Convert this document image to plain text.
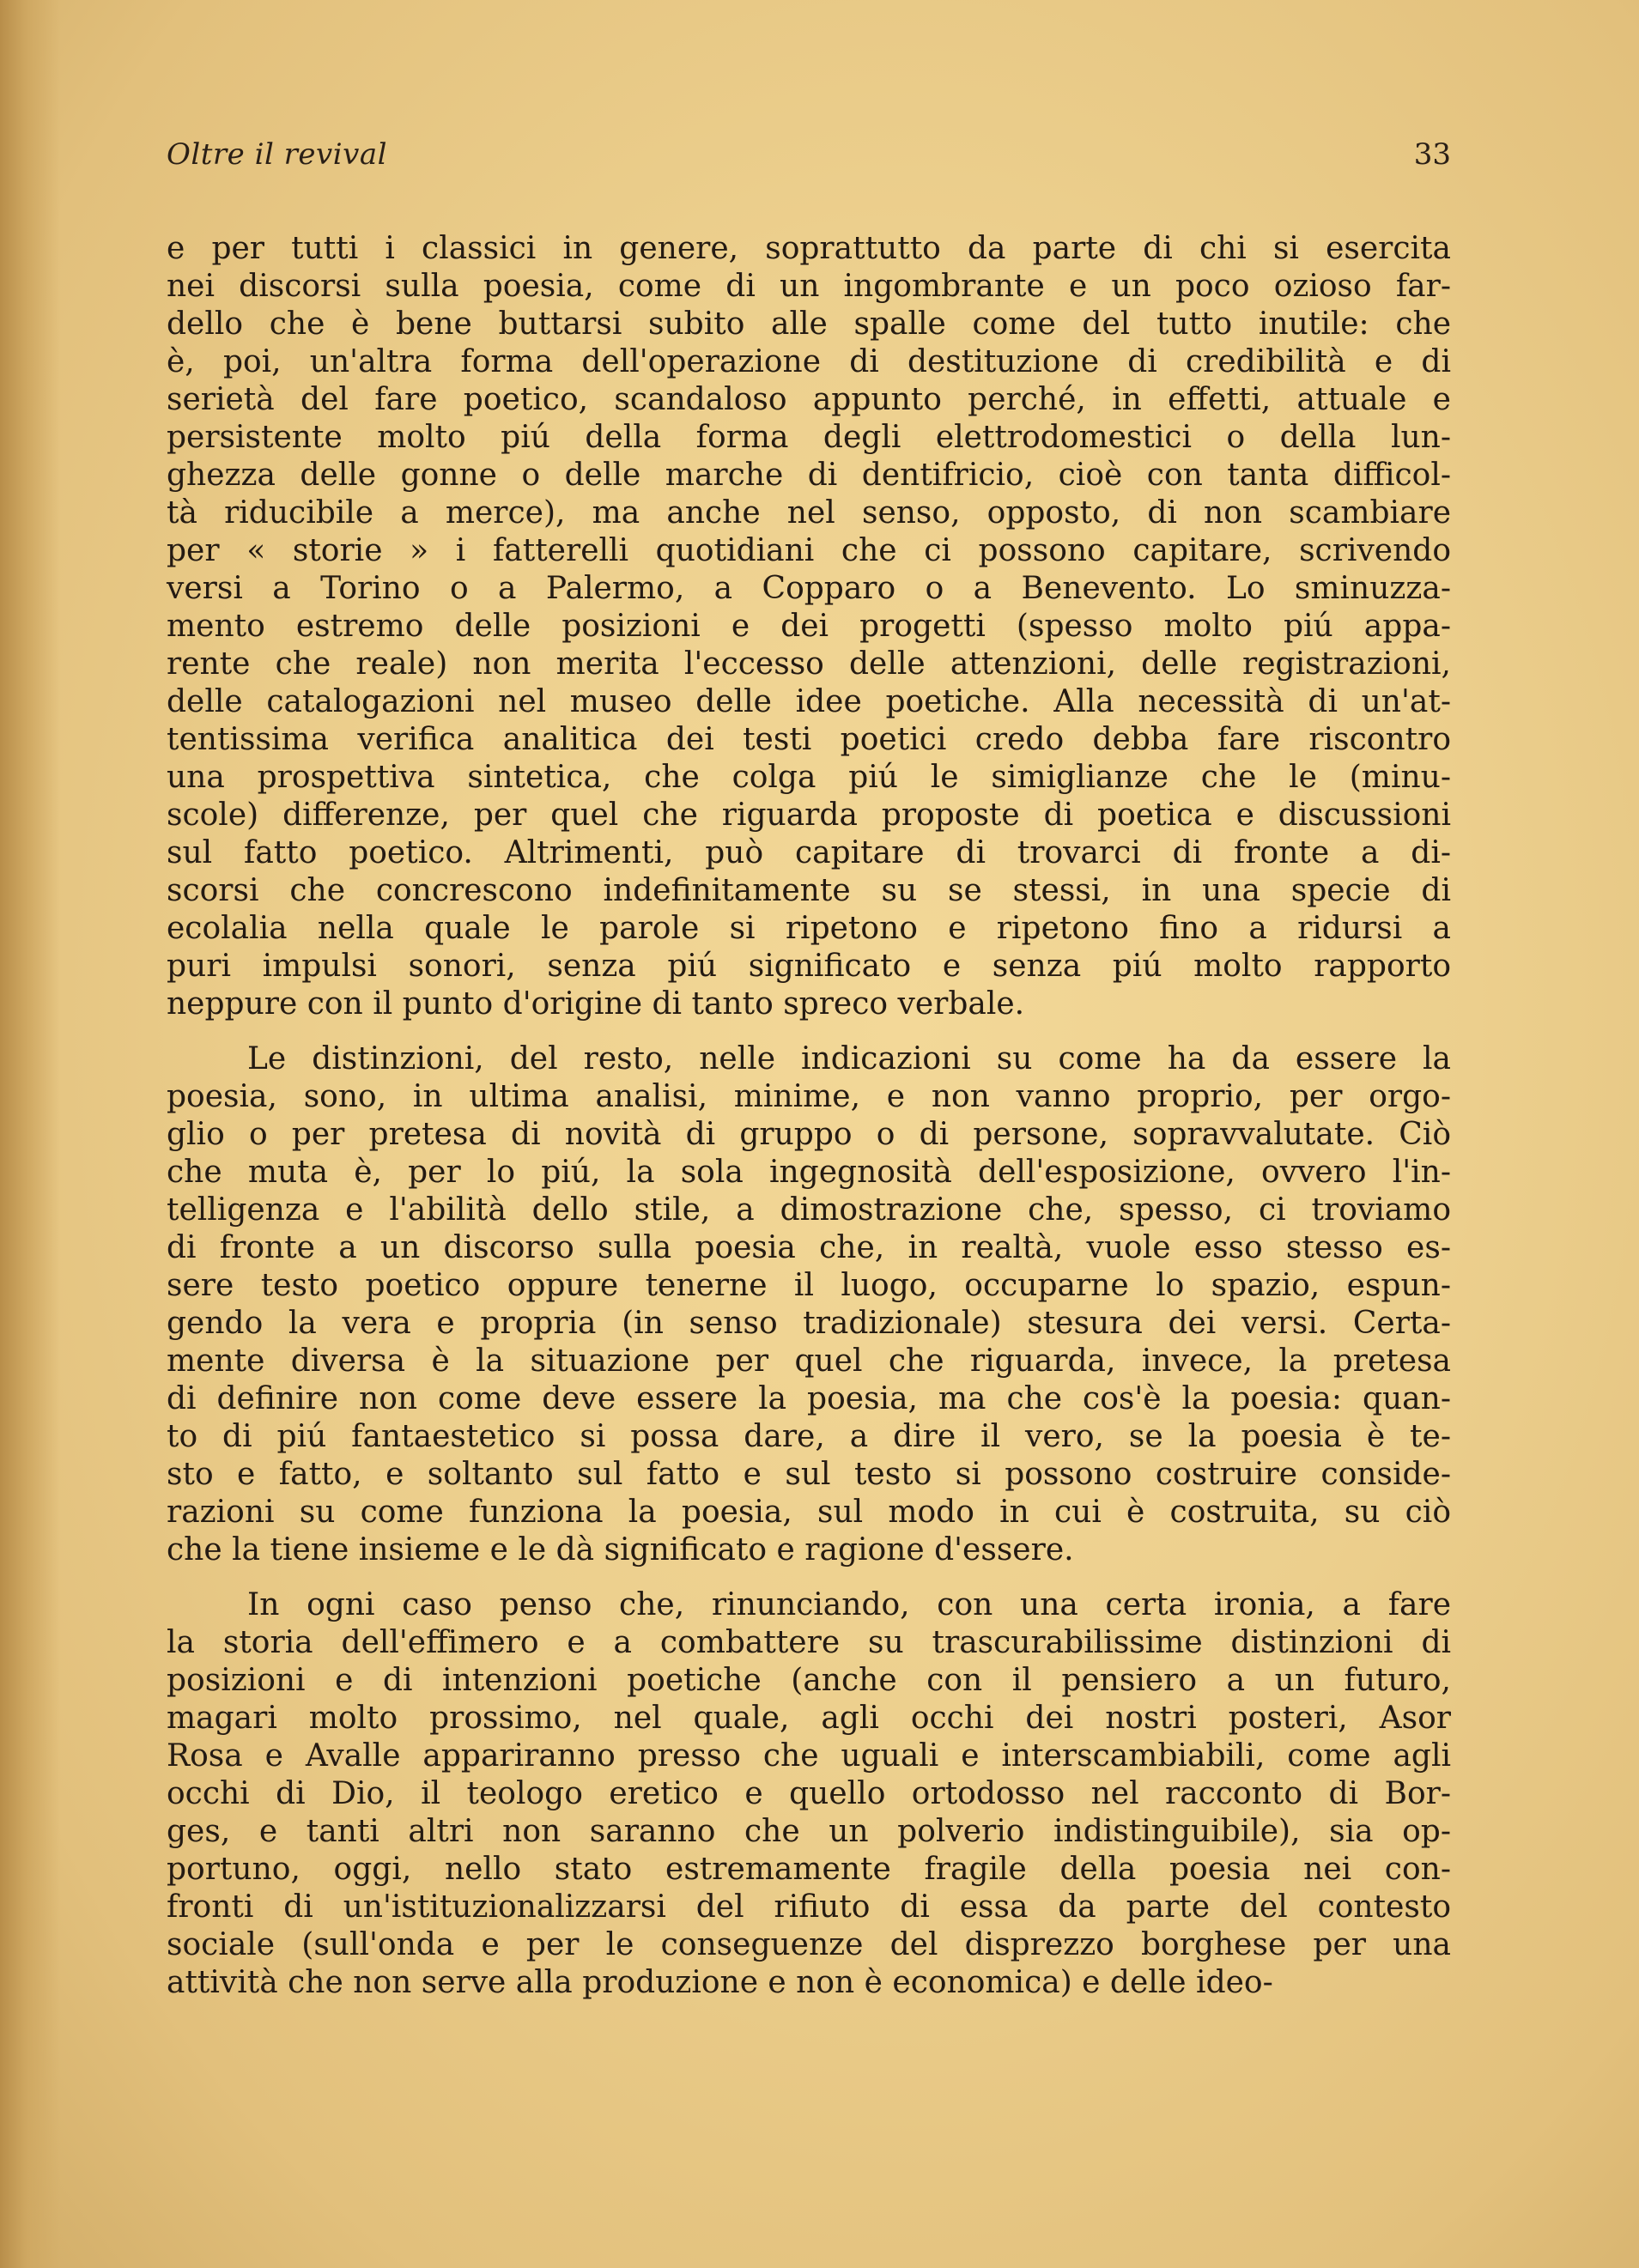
Oltre il revival	33
e per tutti i classici in genere, soprattutto da parte di chi si esercita
nei discorsi sulla poesia, come di un ingombrante e un poco ozioso far-
dello che è bene buttarsi subito alle spalle come del tutto inutile: che
è, poi, un'altra forma dell'operazione di destituzione di credibilità e di
serietà del fare poetico, scandaloso appunto perché, in effetti, attuale e
persistente molto piú della forma degli elettrodomestici o della lun-
ghezza delle gonne o delle marche di dentifricio, cioè con tanta difficol-
tà riducibile a merce), ma anche nel senso, opposto, di non scambiare
per « storie » i fatterelli quotidiani che ci possono capitare, scrivendo
versi a Torino o a Palermo, a Copparo o a Benevento. Lo sminuzza-
mento estremo delle posizioni e dei progetti (spesso molto piú appa-
rente che reale) non merita l'eccesso delle attenzioni, delle registrazioni,
delle catalogazioni nel museo delle idee poetiche. Alla necessità di un'at-
tentissima verifica analitica dei testi poetici credo debba fare riscontro
una prospettiva sintetica, che colga piú le simiglianze che le (minu-
scole) differenze, per quel che riguarda proposte di poetica e discussioni
sul fatto poetico. Altrimenti, può capitare di trovarci di fronte a di-
scorsi che concrescono indefinitamente su se stessi, in una specie di
ecolalia nella quale le parole si ripetono e ripetono fino a ridursi a
puri impulsi sonori, senza piú significato e senza piú molto rapporto
neppure con il punto d'origine di tanto spreco verbale.
Le distinzioni, del resto, nelle indicazioni su come ha da essere la
poesia, sono, in ultima analisi, minime, e non vanno proprio, per orgo-
glio o per pretesa di novità di gruppo o di persone, sopravvalutate. Ciò
che muta è, per lo piú, la sola ingegnosità dell'esposizione, ovvero l'in-
telligenza e l'abilità dello stile, a dimostrazione che, spesso, ci troviamo
di fronte a un discorso sulla poesia che, in realtà, vuole esso stesso es-
sere testo poetico oppure tenerne il luogo, occuparne lo spazio, espun-
gendo la vera e propria (in senso tradizionale) stesura dei versi. Certa-
mente diversa è la situazione per quel che riguarda, invece, la pretesa
di definire non come deve essere la poesia, ma che cos'è la poesia: quan-
to di piú fantaestetico si possa dare, a dire il vero, se la poesia è te-
sto e fatto, e soltanto sul fatto e sul testo si possono costruire conside-
razioni su come funziona la poesia, sul modo in cui è costruita, su ciò
che la tiene insieme e le dà significato e ragione d'essere.
In ogni caso penso che, rinunciando, con una certa ironia, a fare
la storia dell'effimero e a combattere su trascurabilissime distinzioni di
posizioni e di intenzioni poetiche (anche con il pensiero a un futuro,
magari molto prossimo, nel quale, agli occhi dei nostri posteri, Asor
Rosa e Avalle appariranno presso che uguali e interscambiabili, come agli
occhi di Dio, il teologo eretico e quello ortodosso nel racconto di Bor-
ges, e tanti altri non saranno che un polverio indistinguibile), sia op-
portuno, oggi, nello stato estremamente fragile della poesia nei con-
fronti di un'istituzionalizzarsi del rifiuto di essa da parte del contesto
sociale (sull'onda e per le conseguenze del disprezzo borghese per una
attività che non serve alla produzione e non è economica) e delle ideo-
